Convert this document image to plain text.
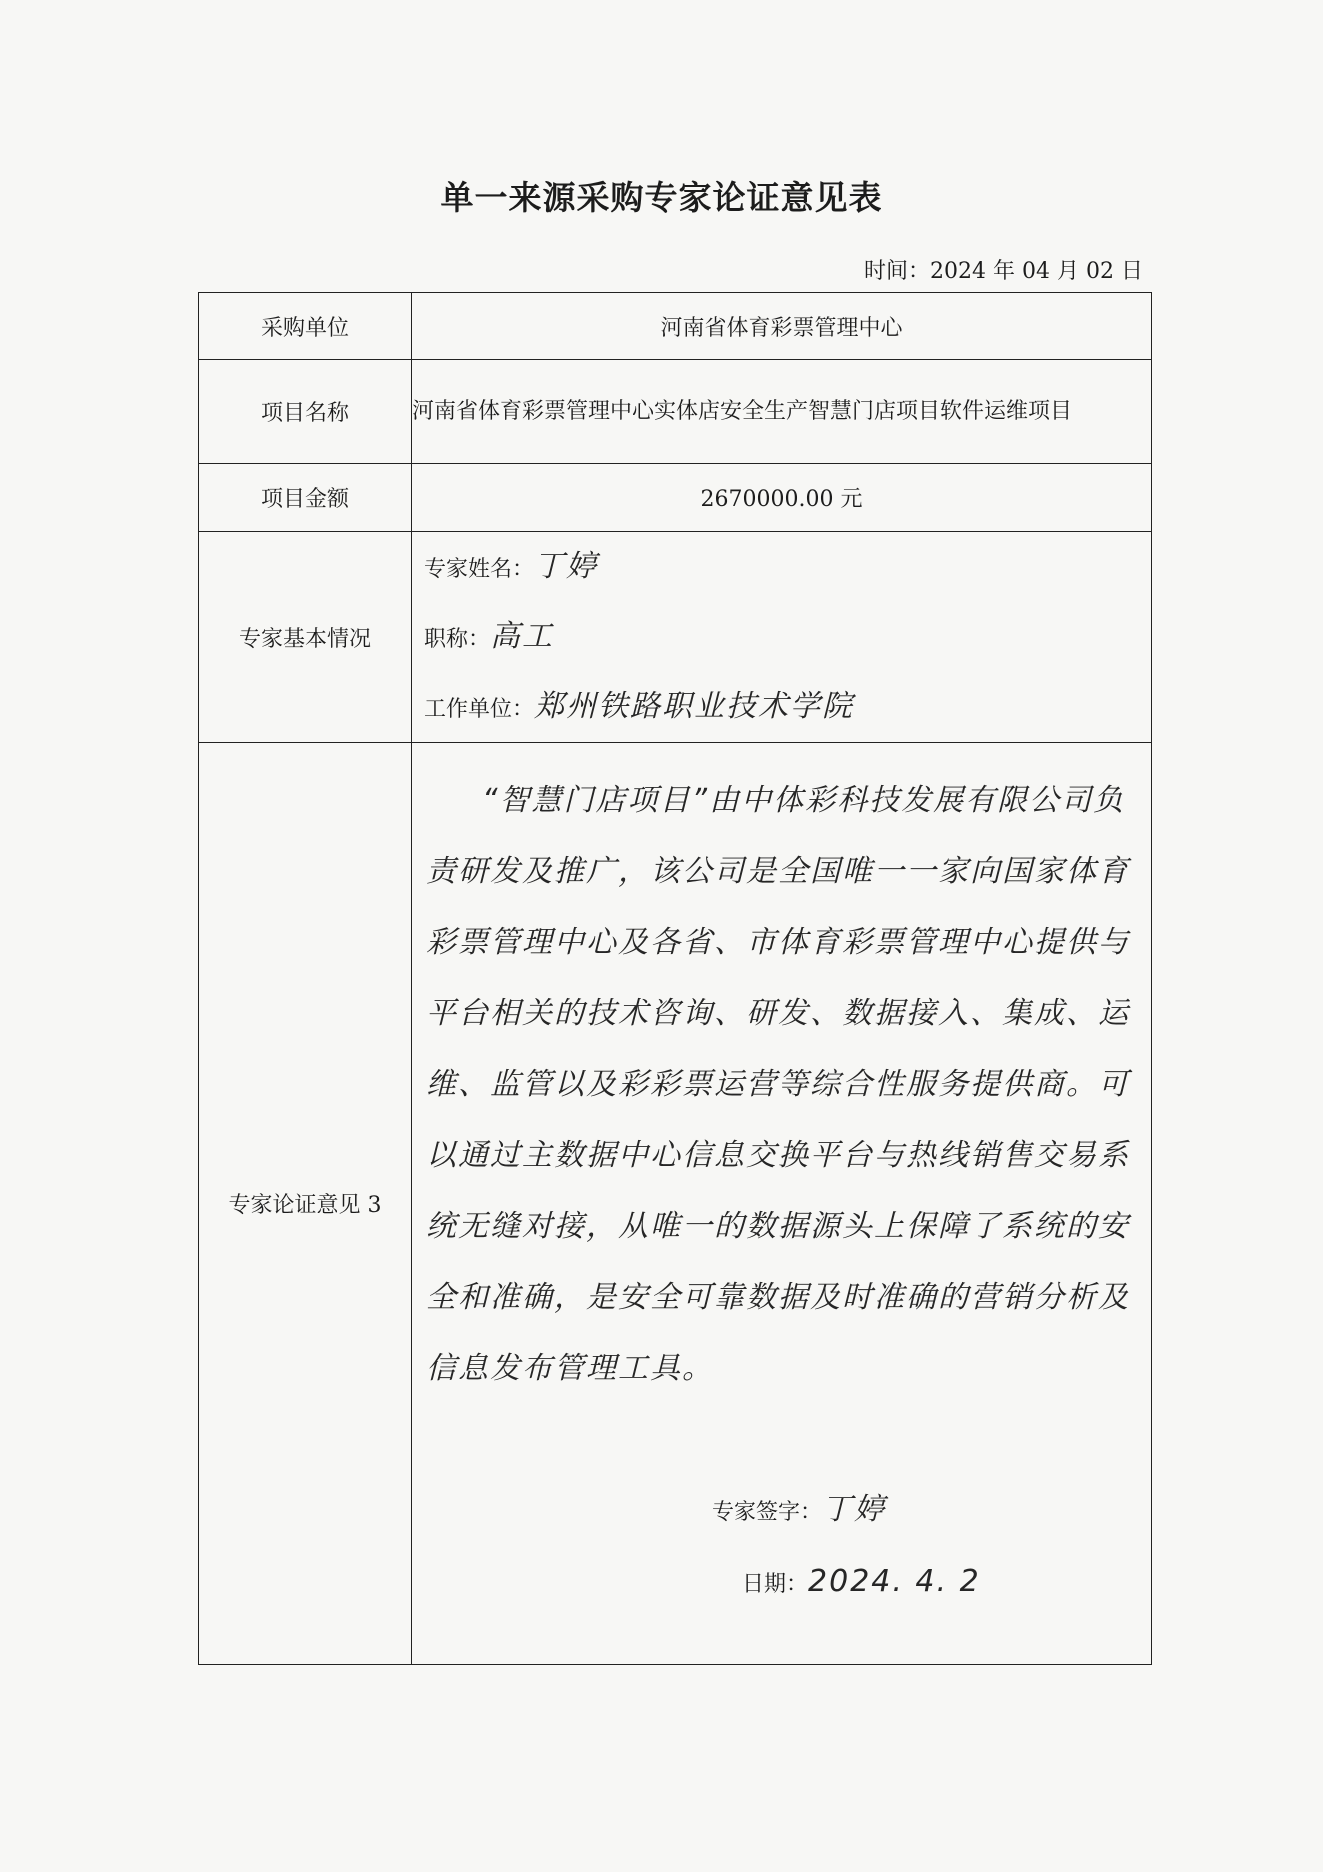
单一来源采购专家论证意见表
时间：2024 年 04 月 02 日
采购单位	河南省体育彩票管理中心
项目名称	河南省体育彩票管理中心实体店安全生产智慧门店项目软件运维项目
项目金额	2670000.00 元
专家基本情况	专家姓名：丁婷
职称：高工
工作单位：郑州铁路职业技术学院

专家论证意见 3	“智慧门店项目”由中体彩科技发展有限公司负责研发及推广，该公司是全国唯一一家向国家体育彩票管理中心及各省、市体育彩票管理中心提供与平台相关的技术咨询、研发、数据接入、集成、运维、监管以及彩彩票运营等综合性服务提供商。可以通过主数据中心信息交换平台与热线销售交易系统无缝对接，从唯一的数据源头上保障了系统的安全和准确，是安全可靠数据及时准确的营销分析及信息发布管理工具。
专家签字：丁婷
日期：2024. 4. 2
